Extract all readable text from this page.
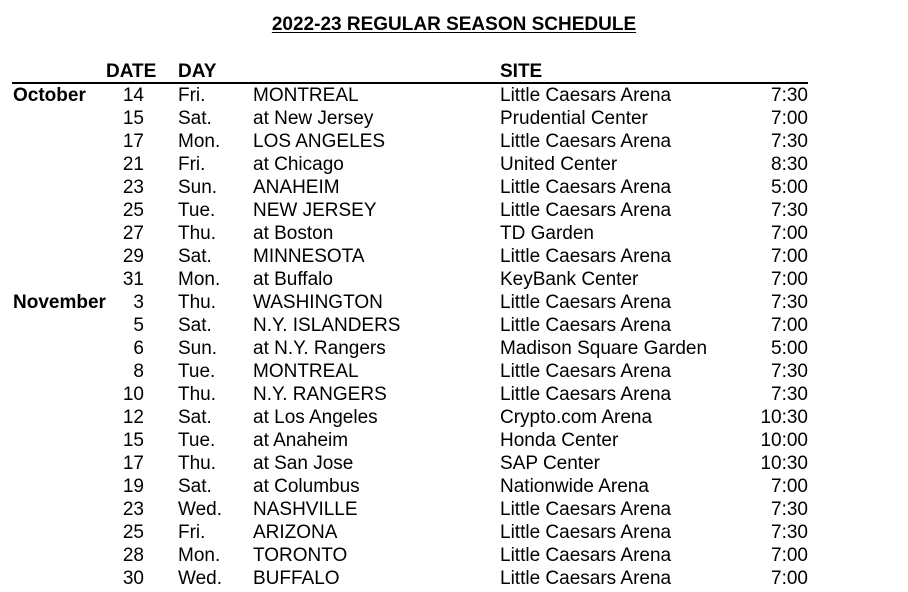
2022-23 REGULAR SEASON SCHEDULE
DATE DAY	SITE
October	14 Fri.	MONTREAL	Little Caesars Arena	7:30
15 Sat. at New Jersey	Prudential Center	7:00
17 Mon. LOS ANGELES	Little Caesars Arena	7:30
21 Fri.	at Chicago	United Center	8:30
23 Sun. ANAHEIM	Little Caesars Arena	5:00
25 Tue. NEW JERSEY	Little Caesars Arena	7:30
27 Thu. at Boston	TD Garden	7:00
29 Sat. MINNESOTA	Little Caesars Arena	7:00
31 Mon. at Buffalo	KeyBank Center	7:00
November	3 Thu. WASHINGTON	Little Caesars Arena	7:30
5 Sat. N.Y. ISLANDERS	Little Caesars Arena	7:00
6 Sun. at N.Y. Rangers	Madison Square Garden	5:00
8 Tue. MONTREAL	Little Caesars Arena	7:30
10 Thu. N.Y. RANGERS	Little Caesars Arena	7:30
12 Sat. at Los Angeles	Crypto.com Arena	10:30
15 Tue. at Anaheim	Honda Center	10:00
17 Thu. at San Jose	SAP Center	10:30
19 Sat. at Columbus	Nationwide Arena	7:00
23 Wed. NASHVILLE	Little Caesars Arena	7:30
25 Fri.	ARIZONA	Little Caesars Arena	7:30
28 Mon. TORONTO	Little Caesars Arena	7:00
30 Wed. BUFFALO	Little Caesars Arena	7:00
